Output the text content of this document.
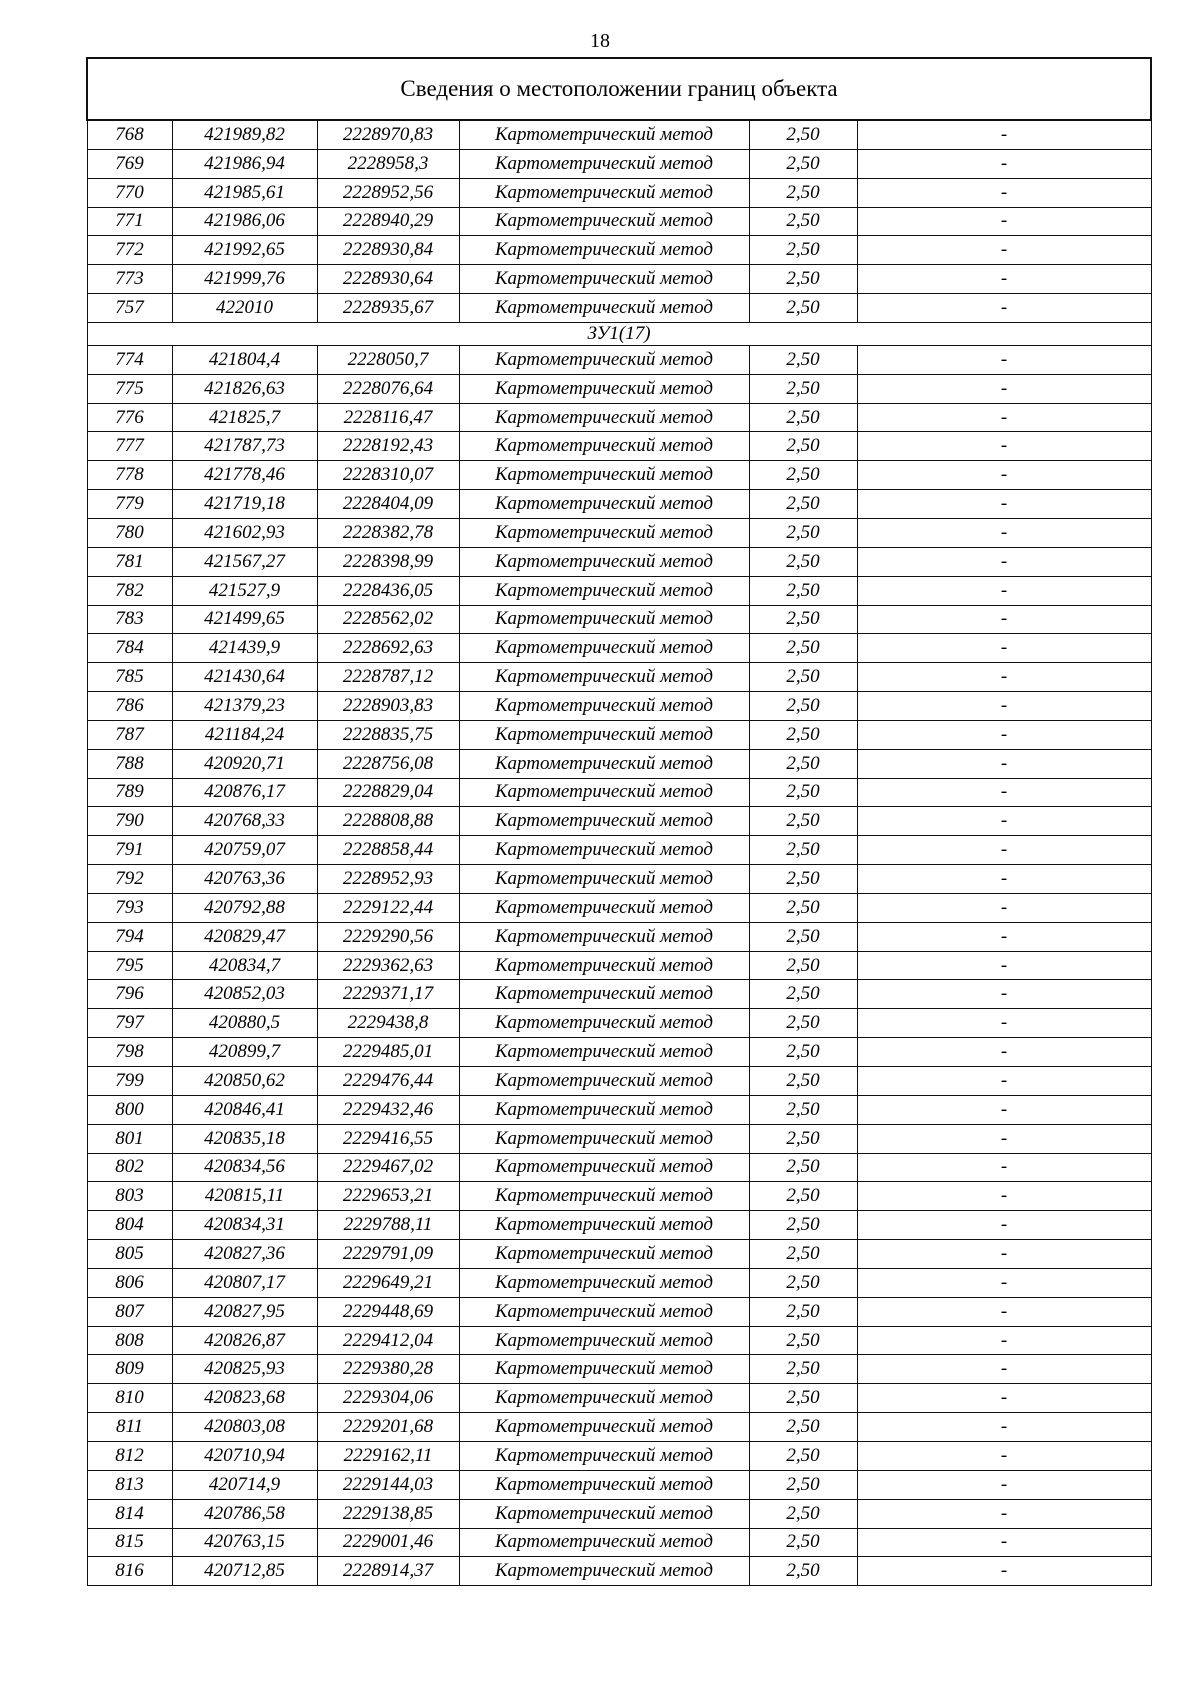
18
Сведения о местоположении границ объекта					
768	421989,82	2228970,83	Картометрический метод	2,50	-
769	421986,94	2228958,3	Картометрический метод	2,50	-
770	421985,61	2228952,56	Картометрический метод	2,50	-
771	421986,06	2228940,29	Картометрический метод	2,50	-
772	421992,65	2228930,84	Картометрический метод	2,50	-
773	421999,76	2228930,64	Картометрический метод	2,50	-
757	422010	2228935,67	Картометрический метод	2,50	-
ЗУ1(17)					
774	421804,4	2228050,7	Картометрический метод	2,50	-
775	421826,63	2228076,64	Картометрический метод	2,50	-
776	421825,7	2228116,47	Картометрический метод	2,50	-
777	421787,73	2228192,43	Картометрический метод	2,50	-
778	421778,46	2228310,07	Картометрический метод	2,50	-
779	421719,18	2228404,09	Картометрический метод	2,50	-
780	421602,93	2228382,78	Картометрический метод	2,50	-
781	421567,27	2228398,99	Картометрический метод	2,50	-
782	421527,9	2228436,05	Картометрический метод	2,50	-
783	421499,65	2228562,02	Картометрический метод	2,50	-
784	421439,9	2228692,63	Картометрический метод	2,50	-
785	421430,64	2228787,12	Картометрический метод	2,50	-
786	421379,23	2228903,83	Картометрический метод	2,50	-
787	421184,24	2228835,75	Картометрический метод	2,50	-
788	420920,71	2228756,08	Картометрический метод	2,50	-
789	420876,17	2228829,04	Картометрический метод	2,50	-
790	420768,33	2228808,88	Картометрический метод	2,50	-
791	420759,07	2228858,44	Картометрический метод	2,50	-
792	420763,36	2228952,93	Картометрический метод	2,50	-
793	420792,88	2229122,44	Картометрический метод	2,50	-
794	420829,47	2229290,56	Картометрический метод	2,50	-
795	420834,7	2229362,63	Картометрический метод	2,50	-
796	420852,03	2229371,17	Картометрический метод	2,50	-
797	420880,5	2229438,8	Картометрический метод	2,50	-
798	420899,7	2229485,01	Картометрический метод	2,50	-
799	420850,62	2229476,44	Картометрический метод	2,50	-
800	420846,41	2229432,46	Картометрический метод	2,50	-
801	420835,18	2229416,55	Картометрический метод	2,50	-
802	420834,56	2229467,02	Картометрический метод	2,50	-
803	420815,11	2229653,21	Картометрический метод	2,50	-
804	420834,31	2229788,11	Картометрический метод	2,50	-
805	420827,36	2229791,09	Картометрический метод	2,50	-
806	420807,17	2229649,21	Картометрический метод	2,50	-
807	420827,95	2229448,69	Картометрический метод	2,50	-
808	420826,87	2229412,04	Картометрический метод	2,50	-
809	420825,93	2229380,28	Картометрический метод	2,50	-
810	420823,68	2229304,06	Картометрический метод	2,50	-
811	420803,08	2229201,68	Картометрический метод	2,50	-
812	420710,94	2229162,11	Картометрический метод	2,50	-
813	420714,9	2229144,03	Картометрический метод	2,50	-
814	420786,58	2229138,85	Картометрический метод	2,50	-
815	420763,15	2229001,46	Картометрический метод	2,50	-
816	420712,85	2228914,37	Картометрический метод	2,50	-
